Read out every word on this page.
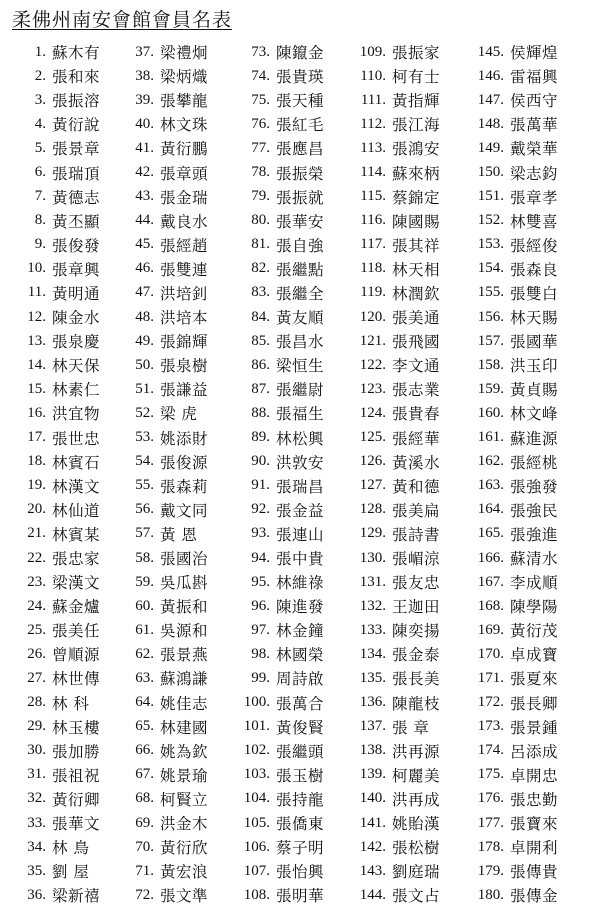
柔佛州南安會館會員名表
1. 蘇木有
2. 張和來
3. 張振溶
4. 黃衍說
5. 張景章
6. 張瑞頂
7. 黃德志
8. 黃丕顯
9. 張俊發
10. 張章興
11. 黃明通
12. 陳金水
13. 張泉慶
14. 林天保
15. 林素仁
16. 洪宜物
17. 張世忠
18. 林賓石
19. 林漢文
20. 林仙道
21. 林賓某
22. 張忠家
23. 梁漢文
24. 蘇金爐
25. 張美任
26. 曾順源
27. 林世傳
28. 林 科
29. 林玉樓
30. 張加勝
31. 張祖祝
32. 黃衍卿
33. 張華文
34. 林 鳥
35. 劉 屋
36. 梁新禧
37. 梁禮炯
38. 梁炳熾
39. 張攀龍
40. 林文珠
41. 黃衍鵬
42. 張章頭
43. 張金瑞
44. 戴良水
45. 張經趙
46. 張雙連
47. 洪培釗
48. 洪培本
49. 張錦輝
50. 張泉樹
51. 張謙益
52. 梁 虎
53. 姚添財
54. 張俊源
55. 張森莉
56. 戴文同
57. 黃 恩
58. 張國治
59. 吳瓜斟
60. 黃振和
61. 吳源和
62. 張景燕
63. 蘇鴻謙
64. 姚佳志
65. 林建國
66. 姚為欽
67. 姚景瑜
68. 柯賢立
69. 洪金木
70. 黃衍欣
71. 黃宏浪
72. 張文準
73. 陳鑹金
74. 張貴瑛
75. 張天種
76. 張紅毛
77. 張應昌
78. 張振榮
79. 張振就
80. 張華安
81. 張自強
82. 張繼點
83. 張繼全
84. 黃友順
85. 張昌水
86. 梁恒生
87. 張繼尉
88. 張福生
89. 林松興
90. 洪敦安
91. 張瑞昌
92. 張金益
93. 張連山
94. 張中貴
95. 林維祿
96. 陳進發
97. 林金鐘
98. 林國榮
99. 周詩啟
100. 張萬合
101. 黃俊賢
102. 張繼頭
103. 張玉樹
104. 張持龍
105. 張僑東
106. 蔡子明
107. 張怡興
108. 張明華
109. 張振家
110. 柯有士
111. 黃指輝
112. 張江海
113. 張鴻安
114. 蘇來柄
115. 蔡錦定
116. 陳國賜
117. 張其祥
118. 林天相
119. 林潤欽
120. 張美通
121. 張飛國
122. 李文通
123. 張志業
124. 張貴春
125. 張經華
126. 黃溪水
127. 黃和德
128. 張美扁
129. 張詩書
130. 張嵋涼
131. 張友忠
132. 王迦田
133. 陳奕揚
134. 張金泰
135. 張長美
136. 陳龍枝
137. 張 章
138. 洪再源
139. 柯麗美
140. 洪再成
141. 姚貽漢
142. 張松樹
143. 劉庭瑞
144. 張文占
145. 侯輝煌
146. 雷福興
147. 侯西守
148. 張萬華
149. 戴榮華
150. 梁志鈞
151. 張章孝
152. 林雙喜
153. 張經俊
154. 張森良
155. 張雙白
156. 林天賜
157. 張國華
158. 洪玉印
159. 黃貞賜
160. 林文峰
161. 蘇進源
162. 張經桃
163. 張強發
164. 張強民
165. 張強進
166. 蘇清水
167. 李成順
168. 陳學陽
169. 黃衍茂
170. 卓成寶
171. 張夏來
172. 張長卿
173. 張景鍾
174. 呂添成
175. 卓開忠
176. 張忠勤
177. 張寶來
178. 卓開利
179. 張傳貴
180. 張傳金
